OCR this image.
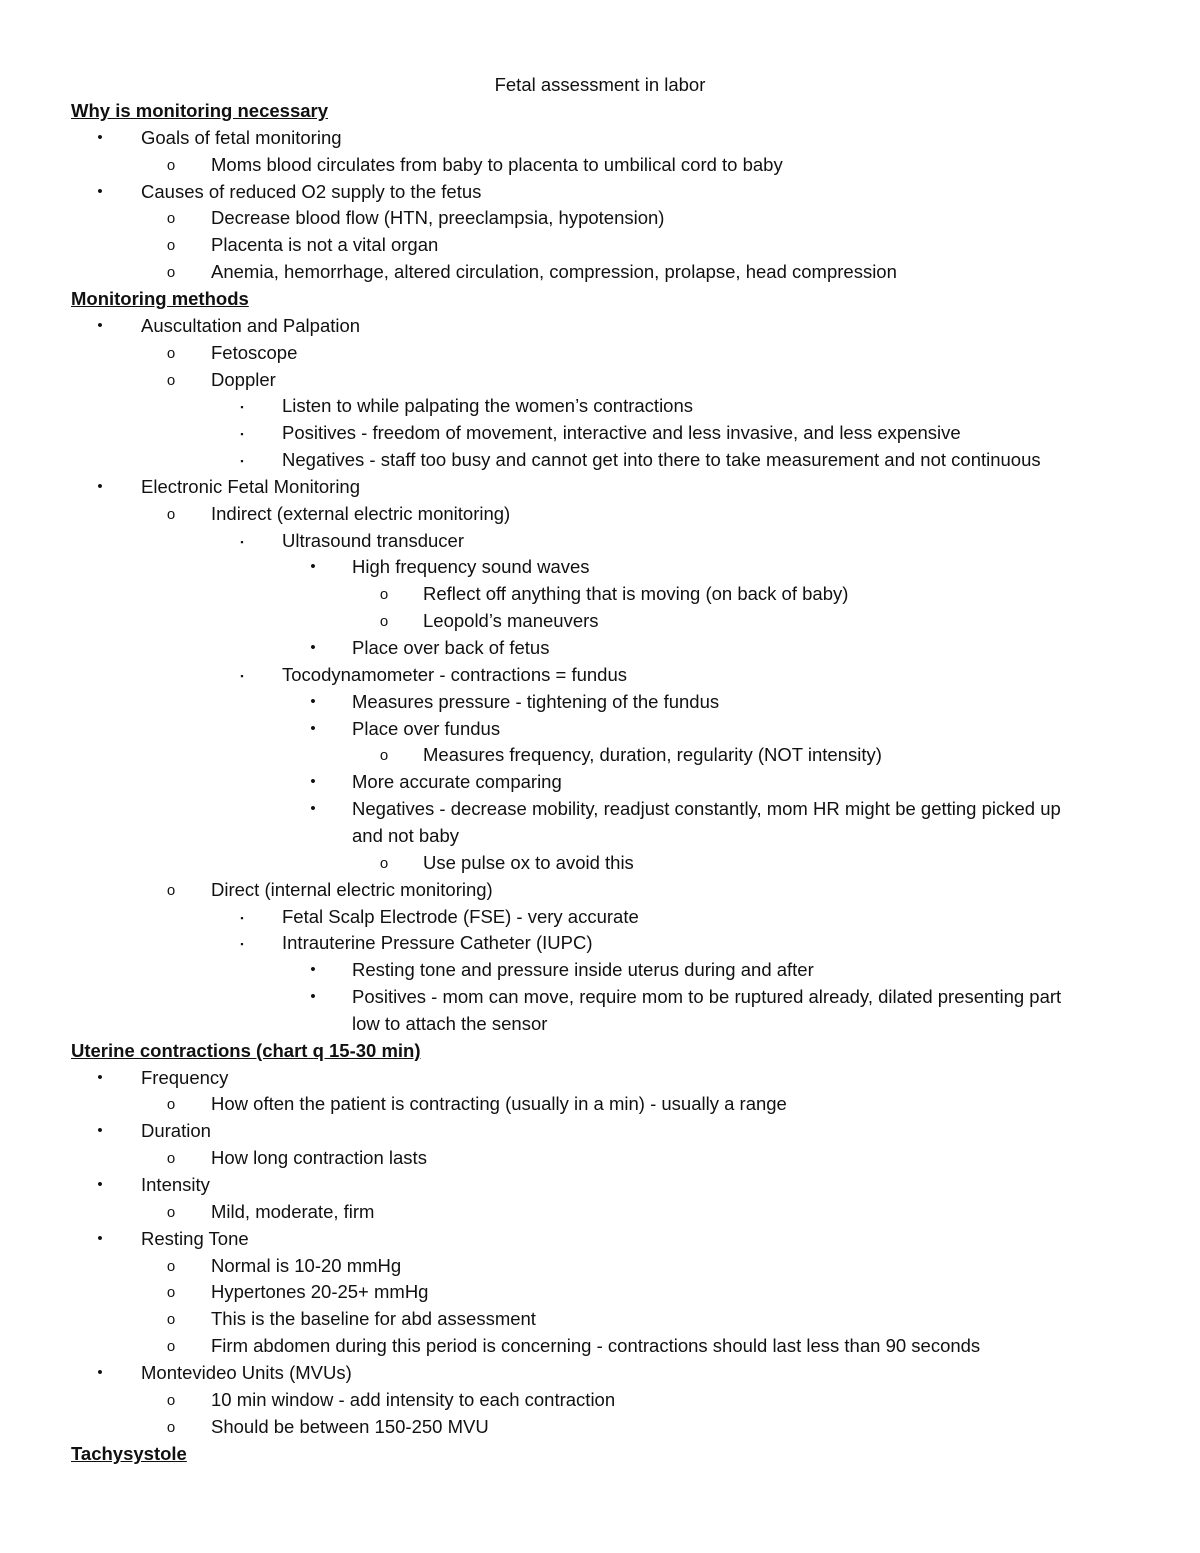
Fetal assessment in labor
Why is monitoring necessary
•	Goals of fetal monitoring
o	Moms blood circulates from baby to placenta to umbilical cord to baby
•	Causes of reduced O2 supply to the fetus
o	Decrease blood flow (HTN, preeclampsia, hypotension)
o	Placenta is not a vital organ
o	Anemia, hemorrhage, altered circulation, compression, prolapse, head compression
Monitoring methods
•	Auscultation and Palpation
o	Fetoscope
o	Doppler
▪	Listen to while palpating the women’s contractions
▪	Positives - freedom of movement, interactive and less invasive, and less expensive
▪	Negatives - staff too busy and cannot get into there to take measurement and not continuous
•	Electronic Fetal Monitoring
o	Indirect (external electric monitoring)
▪	Ultrasound transducer
•	High frequency sound waves
o	Reflect off anything that is moving (on back of baby)
o	Leopold’s maneuvers
•	Place over back of fetus
▪	Tocodynamometer - contractions = fundus
•	Measures pressure - tightening of the fundus
•	Place over fundus
o	Measures frequency, duration, regularity (NOT intensity)
•	More accurate comparing
•	Negatives - decrease mobility, readjust constantly, mom HR might be getting picked up
and not baby
o	Use pulse ox to avoid this
o	Direct (internal electric monitoring)
▪	Fetal Scalp Electrode (FSE) - very accurate
▪	Intrauterine Pressure Catheter (IUPC)
•	Resting tone and pressure inside uterus during and after
•	Positives - mom can move, require mom to be ruptured already, dilated presenting part
low to attach the sensor
Uterine contractions (chart q 15-30 min)
•	Frequency
o	How often the patient is contracting (usually in a min) - usually a range
•	Duration
o	How long contraction lasts
•	Intensity
o	Mild, moderate, firm
•	Resting Tone
o	Normal is 10-20 mmHg
o	Hypertones 20-25+ mmHg
o	This is the baseline for abd assessment
o	Firm abdomen during this period is concerning - contractions should last less than 90 seconds
•	Montevideo Units (MVUs)
o	10 min window - add intensity to each contraction
o	Should be between 150-250 MVU
Tachysystole
